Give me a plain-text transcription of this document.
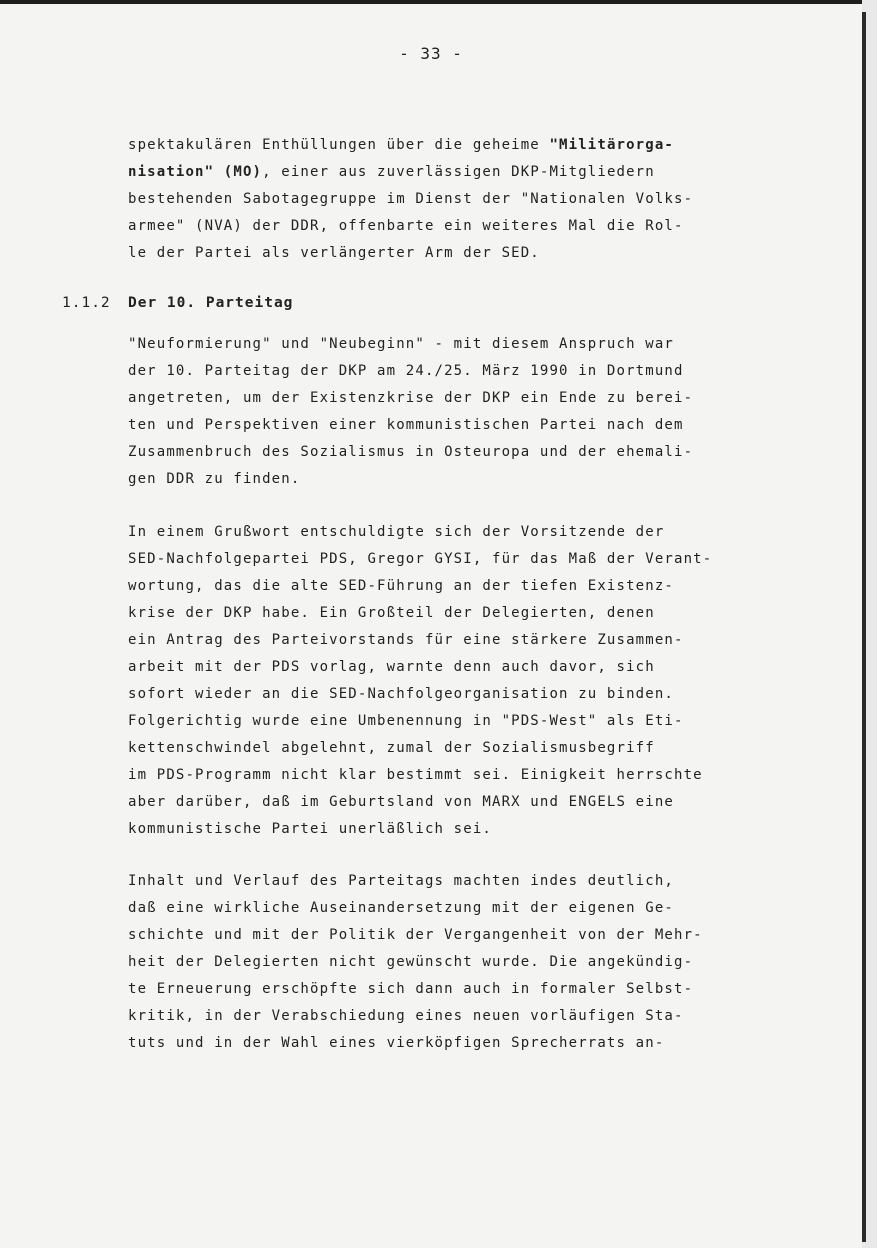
- 33 -
spektakulären Enthüllungen über die geheime "Militärorga-
nisation" (MO), einer aus zuverlässigen DKP-Mitgliedern
bestehenden Sabotagegruppe im Dienst der "Nationalen Volks-
armee" (NVA) der DDR, offenbarte ein weiteres Mal die Rol-
le der Partei als verlängerter Arm der SED.
1.1.2 Der 10. Parteitag
"Neuformierung" und "Neubeginn" - mit diesem Anspruch war
der 10. Parteitag der DKP am 24./25. März 1990 in Dortmund
angetreten, um der Existenzkrise der DKP ein Ende zu berei-
ten und Perspektiven einer kommunistischen Partei nach dem
Zusammenbruch des Sozialismus in Osteuropa und der ehemali-
gen DDR zu finden.
In einem Grußwort entschuldigte sich der Vorsitzende der
SED-Nachfolgepartei PDS, Gregor GYSI, für das Maß der Verant-
wortung, das die alte SED-Führung an der tiefen Existenz-
krise der DKP habe. Ein Großteil der Delegierten, denen
ein Antrag des Parteivorstands für eine stärkere Zusammen-
arbeit mit der PDS vorlag, warnte denn auch davor, sich
sofort wieder an die SED-Nachfolgeorganisation zu binden.
Folgerichtig wurde eine Umbenennung in "PDS-West" als Eti-
kettenschwindel abgelehnt, zumal der Sozialismusbegriff
im PDS-Programm nicht klar bestimmt sei. Einigkeit herrschte
aber darüber, daß im Geburtsland von MARX und ENGELS eine
kommunistische Partei unerläßlich sei.
Inhalt und Verlauf des Parteitags machten indes deutlich,
daß eine wirkliche Auseinandersetzung mit der eigenen Ge-
schichte und mit der Politik der Vergangenheit von der Mehr-
heit der Delegierten nicht gewünscht wurde. Die angekündig-
te Erneuerung erschöpfte sich dann auch in formaler Selbst-
kritik, in der Verabschiedung eines neuen vorläufigen Sta-
tuts und in der Wahl eines vierköpfigen Sprecherrats an-
